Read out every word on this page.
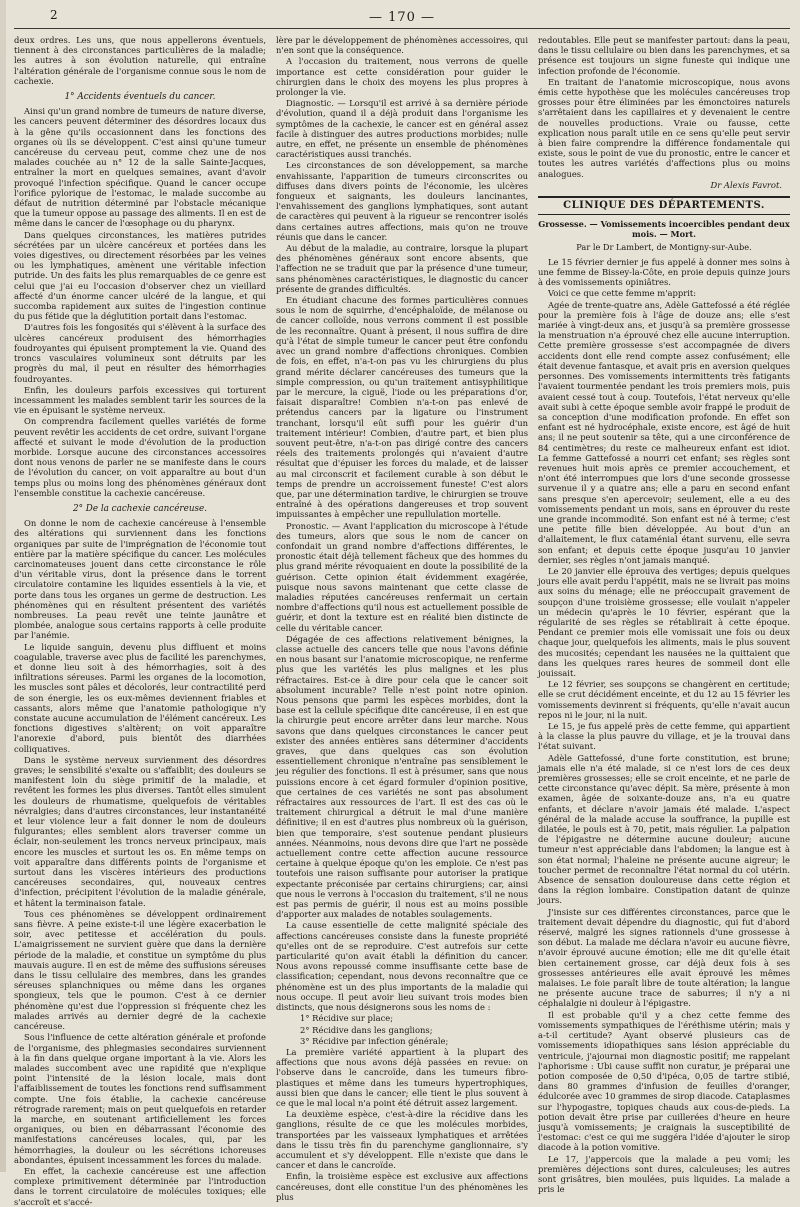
2	— 170 —

deux ordres. Les uns, que nous appellerons éventuels, tiennent à des circonstances particulières de la maladie; les autres à son évolution naturelle, qui entraîne l'altération générale de l'organisme connue sous le nom de cachexie.

1° Accidents éventuels du cancer.

Ainsi qu'un grand nombre de tumeurs de nature diverse, les cancers peuvent déterminer des désordres locaux dus à la gêne qu'ils occasionnent dans les fonctions des organes où ils se développent. C'est ainsi qu'une tumeur cancéreuse du cerveau peut, comme chez une de nos malades couchée au n° 12 de la salle Sainte-Jacques, entraîner la mort en quelques semaines, avant d'avoir provoqué l'infection spécifique. Quand le cancer occupe l'orifice pylorique de l'estomac, le malade succombe au défaut de nutrition déterminé par l'obstacle mécanique que la tumeur oppose au passage des aliments. Il en est de même dans le cancer de l'œsophage ou du pharynx.

Dans quelques circonstances, les matières putrides sécrétées par un ulcère cancéreux et portées dans les voies digestives, ou directement résorbées par les veines ou les lymphatiques, amènent une véritable infection putride. Un des faits les plus remarquables de ce genre est celui que j'ai eu l'occasion d'observer chez un vieillard affecté d'un énorme cancer ulcéré de la langue, et qui succomba rapidement aux suites de l'ingestion continue du pus fétide que la déglutition portait dans l'estomac.

D'autres fois les fongosités qui s'élèvent à la surface des ulcères cancéreux produisent des hémorrhagies foudroyantes qui épuisent promptement la vie. Quand des troncs vasculaires volumineux sont détruits par les progrès du mal, il peut en résulter des hémorrhagies foudroyantes.

Enfin, les douleurs parfois excessives qui torturent incessamment les malades semblent tarir les sources de la vie en épuisant le système nerveux.

On comprendra facilement quelles variétés de forme peuvent revêtir les accidents de cet ordre, suivant l'organe affecté et suivant le mode d'évolution de la production morbide. Lorsque aucune des circonstances accessoires dont nous venons de parler ne se manifeste dans le cours de l'évolution du cancer, on voit apparaître au bout d'un temps plus ou moins long des phénomènes généraux dont l'ensemble constitue la cachexie cancéreuse.

2° De la cachexie cancéreuse.

On donne le nom de cachexie cancéreuse à l'ensemble des altérations qui surviennent dans les fonctions organiques par suite de l'imprégnation de l'économie tout entière par la matière spécifique du cancer. Les molécules carcinomateuses jouent dans cette circonstance le rôle d'un véritable virus, dont la présence dans le torrent circulatoire contamine les liquides essentiels à la vie, et porte dans tous les organes un germe de destruction. Les phénomènes qui en résultent présentent des variétés nombreuses. La peau revêt une teinte jaunâtre et plombée, analogue sous certains rapports à celle produite par l'anémie.

Le liquide sanguin, devenu plus diffluent et moins coagulable, traverse avec plus de facilité les parenchymes, et donne lieu soit à des hémorrhagies, soit à des infiltrations séreuses. Parmi les organes de la locomotion, les muscles sont pâles et décolorés, leur contractilité perd de son énergie, les os eux-mêmes deviennent friables et cassants, alors même que l'anatomie pathologique n'y constate aucune accumulation de l'élément cancéreux. Les fonctions digestives s'altèrent; on voit apparaître l'anorexie d'abord, puis bientôt des diarrhées colliquatives.

Dans le système nerveux survienment des désordres graves; le sensibilité s'exalte ou s'affaiblit; des douleurs se manifestent loin du siège primitif de la maladie, et revêtent les formes les plus diverses. Tantôt elles simulent les douleurs de rhumatisme, quelquefois de véritables névralgies; dans d'autres circonstances, leur instantanéité et leur violence leur a fait donner le nom de douleurs fulgurantes; elles semblent alors traverser comme un éclair, non-seulement les troncs nerveux principaux, mais encore les muscles et surtout les os. En même temps on voit apparaître dans différents points de l'organisme et surtout dans les viscères intérieurs des productions cancéreuses secondaires, qui, nouveaux centres d'infection, précipitent l'évolution de la maladie générale, et hâtent la terminaison fatale.

Tous ces phénomènes se développent ordinairement sans fièvre. A peine existe-t-il une légère exacerbation le soir, avec petitesse et accélération du pouls. L'amaigrissement ne survient guère que dans la dernière période de la maladie, et constitue un symptôme du plus mauvais augure. Il en est de même des suffusions séreuses dans le tissu cellulaire des membres, dans les grandes séreuses splanchniques ou même dans les organes spongieux, tels que le poumon. C'est à ce dernier phénomène qu'est due l'oppression si fréquente chez les malades arrivés au dernier degré de la cachexie cancéreuse.

Sous l'influence de cette altération générale et profonde de l'organisme, des phlegmasies secondaires surviennent à la fin dans quelque organe important à la vie. Alors les malades succombent avec une rapidité que n'explique point l'intensité de la lésion locale, mais dont l'affaiblissement de toutes les fonctions rend suffisamment compte. Une fois établie, la cachexie cancéreuse rétrograde rarement; mais on peut quelquefois en retarder la marche, en soutenant artificiellement les forces organiques, ou bien en débarrassant l'économie des manifestations cancéreuses locales, qui, par les hémorrhagies, la douleur ou les sécrétions ichoreuses abondantes, épuisent incessamment les forces du malade.

En effet, la cachexie cancéreuse est une affection complexe primitivement déterminée par l'introduction dans le torrent circulatoire de molécules toxiques; elle s'accroît et s'accé-

lère par le développement de phénomènes accessoires, qui n'en sont que la conséquence.

A l'occasion du traitement, nous verrons de quelle importance est cette considération pour guider le chirurgien dans le choix des moyens les plus propres à prolonger la vie.

Diagnostic. — Lorsqu'il est arrivé à sa dernière période d'évolution, quand il a déjà produit dans l'organisme les symptômes de la cachexie, le cancer est en général assez facile à distinguer des autres productions morbides; nulle autre, en effet, ne présente un ensemble de phénomènes caractéristiques aussi tranchés.

Les circonstances de son développement, sa marche envahissante, l'apparition de tumeurs circonscrites ou diffuses dans divers points de l'économie, les ulcères fongueux et saignants, les douleurs lancinantes, l'envahissement des ganglions lymphatiques, sont autant de caractères qui peuvent à la rigueur se rencontrer isolés dans certaines autres affections, mais qu'on ne trouve réunis que dans le cancer.

Au début de la maladie, au contraire, lorsque la plupart des phénomènes généraux sont encore absents, que l'affection ne se traduit que par la présence d'une tumeur, sans phénomènes caractéristiques, le diagnostic du cancer présente de grandes difficultés.

En étudiant chacune des formes particulières connues sous le nom de squirrhe, d'encéphaloïde, de mélanose ou de cancer colloïde, nous verrons comment il est possible de les reconnaître. Quant à présent, il nous suffira de dire qu'à l'état de simple tumeur le cancer peut être confondu avec un grand nombre d'affections chroniques. Combien de fois, en effet, n'a-t-on pas vu les chirurgiens du plus grand mérite déclarer cancéreuses des tumeurs que la simple compression, ou qu'un traitement antisyphilitique par le mercure, la ciguë, l'iode ou les préparations d'or, faisait disparaître! Combien n'a-t-on pas enlevé de prétendus cancers par la ligature ou l'instrument tranchant, lorsqu'il eût suffi pour les guérir d'un traitement intérieur! Combien, d'autre part, et bien plus souvent peut-être, n'a-t-on pas dirigé contre des cancers réels des traitements prolongés qui n'avaient d'autre résultat que d'épuiser les forces du malade, et de laisser au mal circonscrit et facilement curable à son début le temps de prendre un accroissement funeste! C'est alors que, par une détermination tardive, le chirurgien se trouve entraîné à des opérations dangereuses et trop souvent impuissantes à empêcher une repullulation mortelle.

Pronostic. — Avant l'application du microscope à l'étude des tumeurs, alors que sous le nom de cancer on confondait un grand nombre d'affections différentes, le pronostic était déjà tellement fâcheux que des hommes du plus grand mérite révoquaient en doute la possibilité de la guérison. Cette opinion était évidemment exagérée, puisque nous savons maintenant que cette classe de maladies réputées cancéreuses renfermait un certain nombre d'affections qu'il nous est actuellement possible de guérir, et dont la texture est en réalité bien distincte de celle du véritable cancer.

Dégagée de ces affections relativement bénignes, la classe actuelle des cancers telle que nous l'avons définie en nous basant sur l'anatomie microscopique, ne renferme plus que les variétés les plus malignes et les plus réfractaires. Est-ce à dire pour cela que le cancer soit absolument incurable? Telle n'est point notre opinion. Nous pensons que parmi les espèces morbides, dont la base est la cellule spécifique dite cancéreuse, il en est que la chirurgie peut encore arrêter dans leur marche. Nous savons que dans quelques circonstances le cancer peut exister des années entières sans déterminer d'accidents graves, que dans quelques cas son évolution essentiellement chronique n'entraîne pas sensiblement le jeu régulier des fonctions. Il est à présumer, sans que nous puissions encore à cet égard formuler d'opinion positive, que certaines de ces variétés ne sont pas absolument réfractaires aux ressources de l'art. Il est des cas où le traitement chirurgical a détruit le mal d'une manière définitive; il en est d'autres plus nombreux où la guérison, bien que temporaire, s'est soutenue pendant plusieurs années. Néanmoins, nous devons dire que l'art ne possède actuellement contre cette affection aucune ressource certaine à quelque époque qu'on les emploie. Ce n'est pas toutefois une raison suffisante pour autoriser la pratique expectante préconisée par certains chirurgiens; car, ainsi que nous le verrons à l'occasion du traitement, s'il ne nous est pas permis de guérir, il nous est au moins possible d'apporter aux malades de notables soulagements.

La cause essentielle de cette malignité spéciale des affections cancéreuses consiste dans la funeste propriété qu'elles ont de se reproduire. C'est autrefois sur cette particularité qu'on avait établi la définition du cancer. Nous avons repoussé comme insuffisante cette base de classification; cependant, nous devons reconnaître que ce phénomène est un des plus importants de la maladie qui nous occupe. Il peut avoir lieu suivant trois modes bien distincts, que nous désignerons sous les noms de :

1° Récidive sur place;

2° Récidive dans les ganglions;

3° Récidive par infection générale;

La première variété appartient à la plupart des affections que nous avons déjà passées en revue: on l'observe dans le cancroïde, dans les tumeurs fibro-plastiques et même dans les tumeurs hypertrophiques, aussi bien que dans le cancer; elle tient le plus souvent à ce que le mal local n'a point été détruit assez largement.

La deuxième espèce, c'est-à-dire la récidive dans les ganglions, résulte de ce que les molécules morbides, transportées par les vaisseaux lymphatiques et arrêtées dans le tissu très fin du parenchyme ganglionnaire, s'y accumulent et s'y développent. Elle n'existe que dans le cancer et dans le cancroïde.

Enfin, la troisième espèce est exclusive aux affections cancéreuses, dont elle constitue l'un des phénomènes les plus

redoutables. Elle peut se manifester partout: dans la peau, dans le tissu cellulaire ou bien dans les parenchymes, et sa présence est toujours un signe funeste qui indique une infection profonde de l'économie.

En traitant de l'anatomie microscopique, nous avons émis cette hypothèse que les molécules cancéreuses trop grosses pour être éliminées par les émonctoires naturels s'arrêtaient dans les capillaires et y devenaient le centre de nouvelles productions. Vraie ou fausse, cette explication nous paraît utile en ce sens qu'elle peut servir à bien faire comprendre la différence fondamentale qui existe, sous le point de vue du pronostic, entre le cancer et toutes les autres variétés d'affections plus ou moins analogues.

Dr Alexis Favrot.
CLINIQUE DES DÉPARTEMENTS.
Grossesse. — Vomissements incoercibles pendant deux mois. — Mort.
Par le Dr Lambert, de Montigny-sur-Aube.

Le 15 février dernier je fus appelé à donner mes soins à une femme de Bissey-la-Côte, en proie depuis quinze jours à des vomissements opiniâtres.

Voici ce que cette femme m'apprit:

Agée de trente-quatre ans, Adèle Gattefossé a été réglée pour la première fois à l'âge de douze ans; elle s'est mariée à vingt-deux ans, et jusqu'à sa première grossesse la menstruation n'a éprouvé chez elle aucune interruption. Cette première grossesse s'est accompagnée de divers accidents dont elle rend compte assez confusément; elle était devenue fantasque, et avait pris en aversion quelques personnes. Des vomissements intermittents très fatigants l'avaient tourmentée pendant les trois premiers mois, puis avaient cessé tout à coup. Toutefois, l'état nerveux qu'elle avait subi à cette époque semble avoir frappé le produit de sa conception d'une modification profonde. En effet son enfant est né hydrocéphale, existe encore, est âgé de huit ans; il ne peut soutenir sa tête, qui a une circonférence de 84 centimètres; du reste ce malheureux enfant est idiot. La femme Gattefossé a nourri cet enfant; ses règles sont revenues huit mois après ce premier accouchement, et n'ont été interrompues que lors d'une seconde grossesse survenue il y a quatre ans; elle a paru en second enfant sans presque s'en apercevoir; seulement, elle a eu des vomissements pendant un mois, sans en éprouver du reste une grande incommodité. Son enfant est né à terme; c'est une petite fille bien développée. Au bout d'un an d'allaitement, le flux cataménial étant survenu, elle sevra son enfant; et depuis cette époque jusqu'au 10 janvier dernier, ses règles n'ont jamais manqué.

Le 20 janvier elle éprouva des vertiges; depuis quelques jours elle avait perdu l'appétit, mais ne se livrait pas moins aux soins du ménage; elle ne préoccupait gravement de soupçon d'une troisième grossesse; elle voulait n'appeler un médecin qu'après le 10 février, espérant que la régularité de ses règles se rétablirait à cette époque. Pendant ce premier mois elle vomissait une fois ou deux chaque jour, quelquefois les aliments, mais le plus souvent des mucosités; cependant les nausées ne la quittaient que dans les quelques rares heures de sommeil dont elle jouissait.

Le 12 février, ses soupçons se changèrent en certitude; elle se crut décidément enceinte, et du 12 au 15 février les vomissements devinrent si fréquents, qu'elle n'avait aucun repos ni le jour, ni la nuit.

Le 15, je fus appelé près de cette femme, qui appartient à la classe la plus pauvre du village, et je la trouvai dans l'état suivant.

Adèle Gattefossé, d'une forte constitution, est brune; jamais elle n'a été malade, si ce n'est lors de ces deux premières grossesses; elle se croit enceinte, et ne parle de cette circonstance qu'avec dépit. Sa mère, présente à mon examen, âgée de soixante-douze ans, n'a eu quatre enfants, et déclare n'avoir jamais été malade. L'aspect général de la malade accuse la souffrance, la pupille est dilatée, le pouls est à 70, petit, mais régulier. La palpation de l'épigastre ne détermine aucune douleur; aucune tumeur n'est appréciable dans l'abdomen; la langue est à son état normal; l'haleine ne présente aucune aigreur; le toucher permet de reconnaître l'état normal du col utérin. Absence de sensation douloureuse dans cette région et dans la région lombaire. Constipation datant de quinze jours.

J'insiste sur ces différentes circonstances, parce que le traitement devait dépendre du diagnostic, qui fut d'abord réservé, malgré les signes rationnels d'une grossesse à son début. La malade me déclara n'avoir eu aucune fièvre, n'avoir éprouvé aucune émotion; elle me dit qu'elle était bien certainement grosse, car déjà deux fois à ses grossesses antérieures elle avait éprouvé les mêmes malaises. Le foie paraît libre de toute altération; la langue ne présente aucune trace de saburres; il n'y a ni céphalalgie ni douleur à l'épigastre.

Il est probable qu'il y a chez cette femme des vomissements sympathiques de l'éréthisme utérin; mais y a-t-il certitude? Ayant observé plusieurs cas de vomissements idiopathiques sans lésion appréciable du ventricule, j'ajournai mon diagnostic positif; me rappelant l'aphorisme : Ubi cause suffit non curatur, je préparai une potion composée de 0,50 d'ipéca, 0,05 de tartre stibié, dans 80 grammes d'infusion de feuilles d'oranger, édulcorée avec 10 grammes de sirop diacode. Cataplasmes sur l'hypogastre, topiques chauds aux cous-de-pieds. La potion devait être prise par cuillerées d'heure en heure jusqu'à vomissements; je craignais la susceptibilité de l'estomac: c'est ce qui me suggéra l'idée d'ajouter le sirop diacode à la potion vomitive.

Le 17, j'appercois que la malade a peu vomi; les premières déjections sont dures, calculeuses; les autres sont grisâtres, bien moulées, puis liquides. La malade a pris le
